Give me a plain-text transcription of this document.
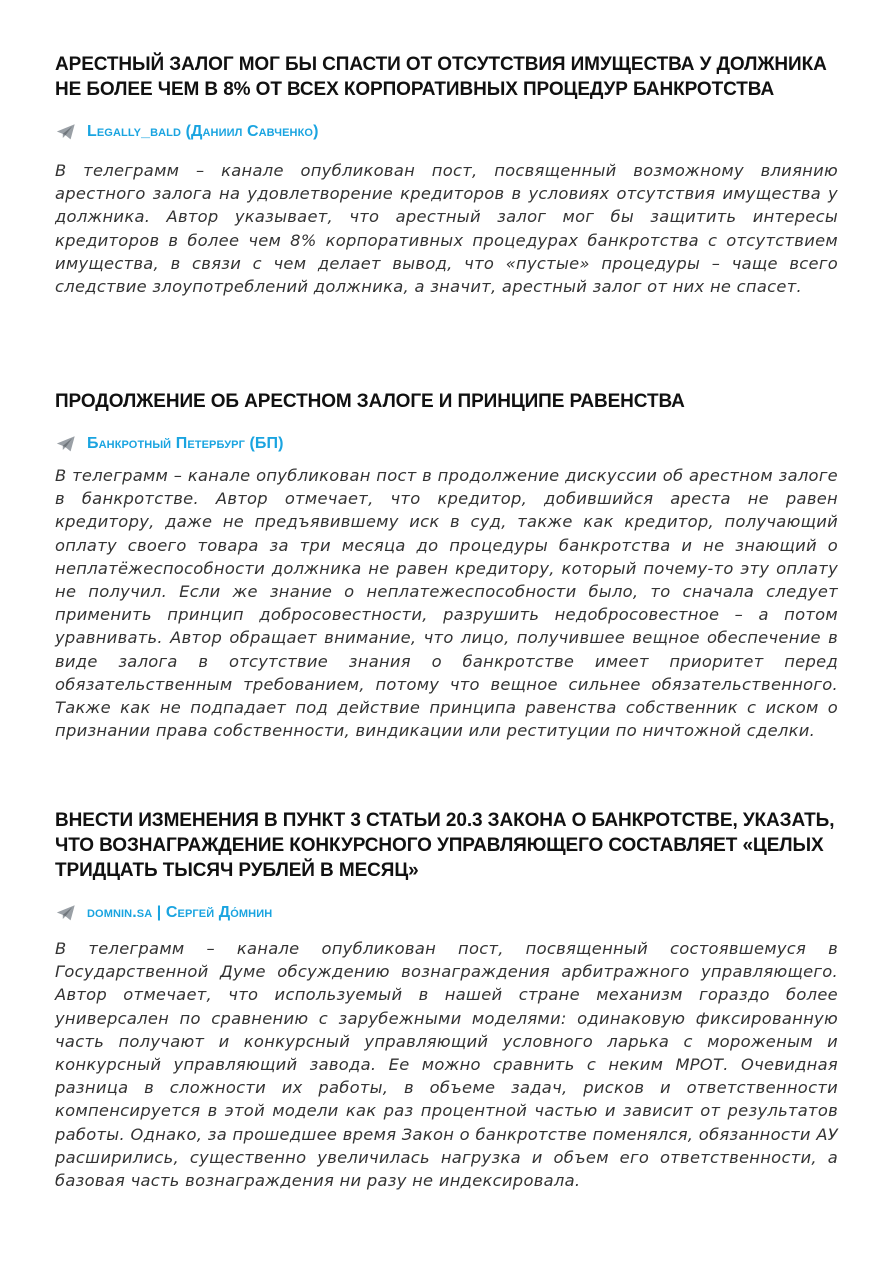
АРЕСТНЫЙ ЗАЛОГ МОГ БЫ СПАСТИ ОТ ОТСУТСТВИЯ ИМУЩЕСТВА У ДОЛЖНИКА НЕ БОЛЕЕ ЧЕМ В 8% ОТ ВСЕХ КОРПОРАТИВНЫХ ПРОЦЕДУР БАНКРОТСТВА
Legally_bald (Даниил Савченко)

В телеграмм – канале опубликован пост, посвященный возможному влиянию арестного залога на удовлетворение кредиторов в условиях отсутствия имущества у должника. Автор указывает, что арестный залог мог бы защитить интересы кредиторов в более чем 8% корпоративных процедурах банкротства с отсутствием имущества, в связи с чем делает вывод, что «пустые» процедуры – чаще всего следствие злоупотреблений должника, а значит, арестный залог от них не спасет.

ПРОДОЛЖЕНИЕ ОБ АРЕСТНОМ ЗАЛОГЕ И ПРИНЦИПЕ РАВЕНСТВА
Банкротный Петербург (БП)

В телеграмм – канале опубликован пост в продолжение дискуссии об арестном залоге в банкротстве. Автор отмечает, что кредитор, добившийся ареста не равен кредитору, даже не предъявившему иск в суд, также как кредитор, получающий оплату своего товара за три месяца до процедуры банкротства и не знающий о неплатёжеспособности должника не равен кредитору, который почему-то эту оплату не получил. Если же знание о неплатежеспособности было, то сначала следует применить принцип добросовестности, разрушить недобросовестное – а потом уравнивать. Автор обращает внимание, что лицо, получившее вещное обеспечение в виде залога в отсутствие знания о банкротстве имеет приоритет перед обязательственным требованием, потому что вещное сильнее обязательственного. Также как не подпадает под действие принципа равенства собственник с иском о признании права собственности, виндикации или реституции по ничтожной сделки.

ВНЕСТИ ИЗМЕНЕНИЯ В ПУНКТ 3 СТАТЬИ 20.3 ЗАКОНА О БАНКРОТСТВЕ, УКАЗАТЬ, ЧТО ВОЗНАГРАЖДЕНИЕ КОНКУРСНОГО УПРАВЛЯЮЩЕГО СОСТАВЛЯЕТ «ЦЕЛЫХ ТРИДЦАТЬ ТЫСЯЧ РУБЛЕЙ В МЕСЯЦ»
domnin.sa | Сергей До́мнин

В телеграмм – канале опубликован пост, посвященный состоявшемуся в Государственной Думе обсуждению вознаграждения арбитражного управляющего. Автор отмечает, что используемый в нашей стране механизм гораздо более универсален по сравнению с зарубежными моделями: одинаковую фиксированную часть получают и конкурсный управляющий условного ларька с мороженым и конкурсный управляющий завода. Ее можно сравнить с неким МРОТ. Очевидная разница в сложности их работы, в объеме задач, рисков и ответственности компенсируется в этой модели как раз процентной частью и зависит от результатов работы. Однако, за прошедшее время Закон о банкротстве поменялся, обязанности АУ расширились, существенно увеличилась нагрузка и объем его ответственности, а базовая часть вознаграждения ни разу не индексировала.
